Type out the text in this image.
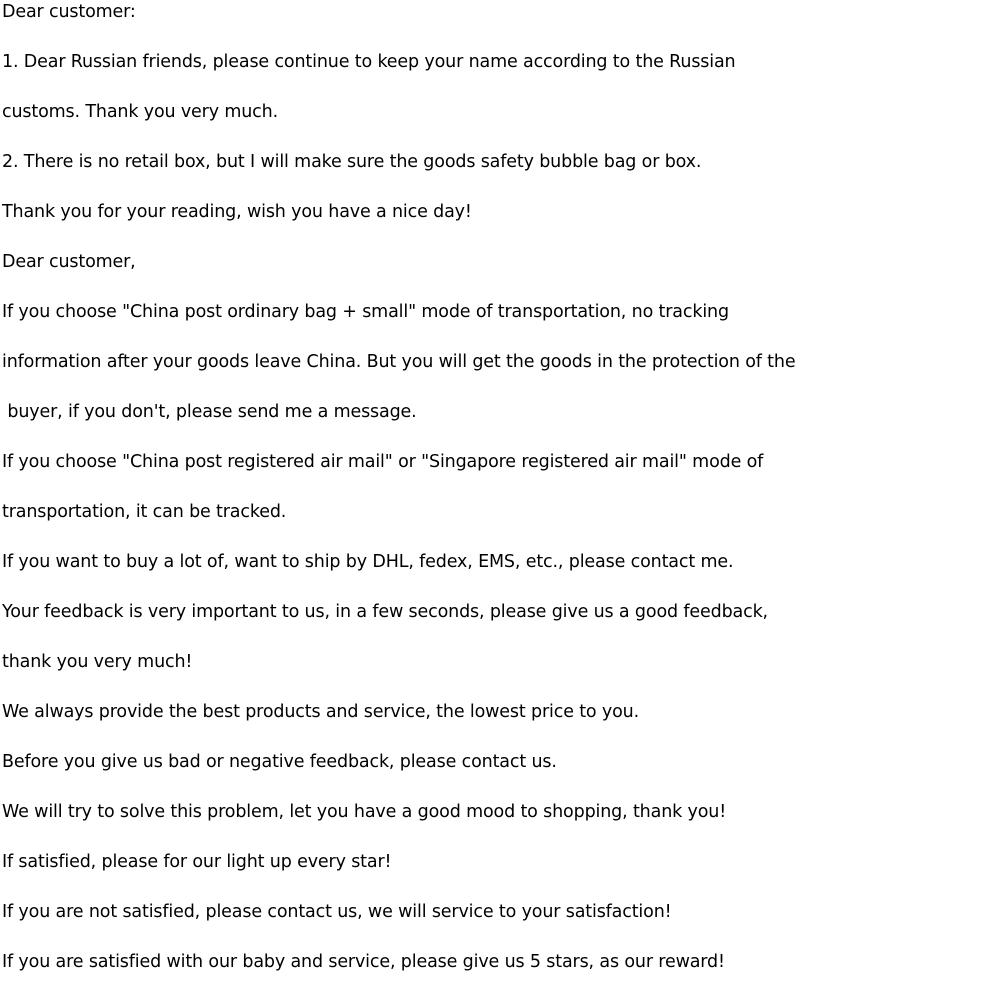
Dear customer:

1. Dear Russian friends, please continue to keep your name according to the Russian

customs. Thank you very much.

2. There is no retail box, but I will make sure the goods safety bubble bag or box.

Thank you for your reading, wish you have a nice day!

Dear customer,

If you choose "China post ordinary bag + small" mode of transportation, no tracking

information after your goods leave China. But you will get the goods in the protection of the

buyer, if you don't, please send me a message.

If you choose "China post registered air mail" or "Singapore registered air mail" mode of

transportation, it can be tracked.

If you want to buy a lot of, want to ship by DHL, fedex, EMS, etc., please contact me.

Your feedback is very important to us, in a few seconds, please give us a good feedback,

thank you very much!

We always provide the best products and service, the lowest price to you.

Before you give us bad or negative feedback, please contact us.

We will try to solve this problem, let you have a good mood to shopping, thank you!

If satisfied, please for our light up every star!

If you are not satisfied, please contact us, we will service to your satisfaction!

If you are satisfied with our baby and service, please give us 5 stars, as our reward!
